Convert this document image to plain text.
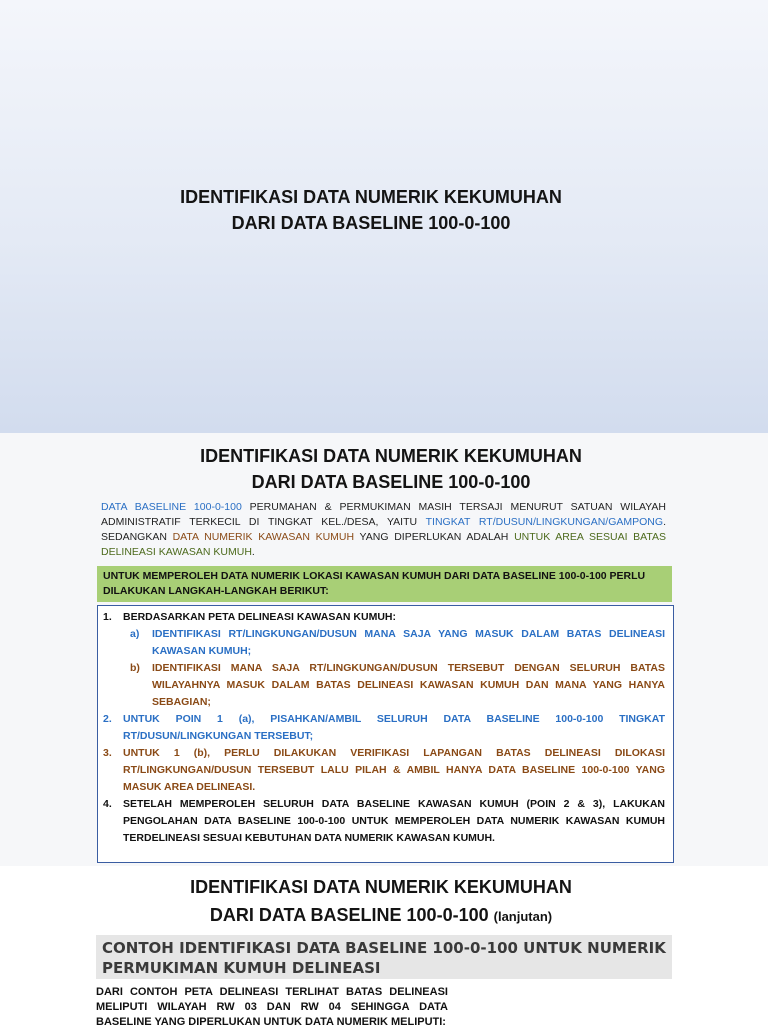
IDENTIFIKASI DATA NUMERIK KEKUMUHAN
DARI DATA BASELINE 100-0-100
IDENTIFIKASI DATA NUMERIK KEKUMUHAN
DARI DATA BASELINE 100-0-100

DATA BASELINE 100-0-100 PERUMAHAN & PERMUKIMAN MASIH TERSAJI MENURUT SATUAN WILAYAH ADMINISTRATIF TERKECIL DI TINGKAT KEL./DESA, YAITU TINGKAT RT/DUSUN/LINGKUNGAN/GAMPONG. SEDANGKAN DATA NUMERIK KAWASAN KUMUH YANG DIPERLUKAN ADALAH UNTUK AREA SESUAI BATAS DELINEASI KAWASAN KUMUH.

UNTUK MEMPEROLEH DATA NUMERIK LOKASI KAWASAN KUMUH DARI DATA BASELINE 100-0-100 PERLU DILAKUKAN LANGKAH-LANGKAH BERIKUT:
1.	BERDASARKAN PETA DELINEASI KAWASAN KUMUH:
a)	IDENTIFIKASI RT/LINGKUNGAN/DUSUN MANA SAJA YANG MASUK DALAM BATAS DELINEASI KAWASAN KUMUH;
b)	IDENTIFIKASI MANA SAJA RT/LINGKUNGAN/DUSUN TERSEBUT DENGAN SELURUH BATAS WILAYAHNYA MASUK DALAM BATAS DELINEASI KAWASAN KUMUH DAN MANA YANG HANYA SEBAGIAN;
2.	UNTUK POIN 1 (a), PISAHKAN/AMBIL SELURUH DATA BASELINE 100-0-100 TINGKAT RT/DUSUN/LINGKUNGAN TERSEBUT;
3.	UNTUK 1 (b), PERLU DILAKUKAN VERIFIKASI LAPANGAN BATAS DELINEASI DILOKASI RT/LINGKUNGAN/DUSUN TERSEBUT LALU PILAH & AMBIL HANYA DATA BASELINE 100-0-100 YANG MASUK AREA DELINEASI.
4.	SETELAH MEMPEROLEH SELURUH DATA BASELINE KAWASAN KUMUH (POIN 2 & 3), LAKUKAN PENGOLAHAN DATA BASELINE 100-0-100 UNTUK MEMPEROLEH DATA NUMERIK KAWASAN KUMUH TERDELINEASI SESUAI KEBUTUHAN DATA NUMERIK KAWASAN KUMUH.
IDENTIFIKASI DATA NUMERIK KEKUMUHAN
DARI DATA BASELINE 100-0-100 (lanjutan)
CONTOH IDENTIFIKASI DATA BASELINE 100-0-100 UNTUK NUMERIK PERMUKIMAN KUMUH DELINEASI

DARI CONTOH PETA DELINEASI TERLIHAT BATAS DELINEASI MELIPUTI WILAYAH RW 03 DAN RW 04 SEHINGGA DATA BASELINE YANG DIPERLUKAN UNTUK DATA NUMERIK MELIPUTI:
